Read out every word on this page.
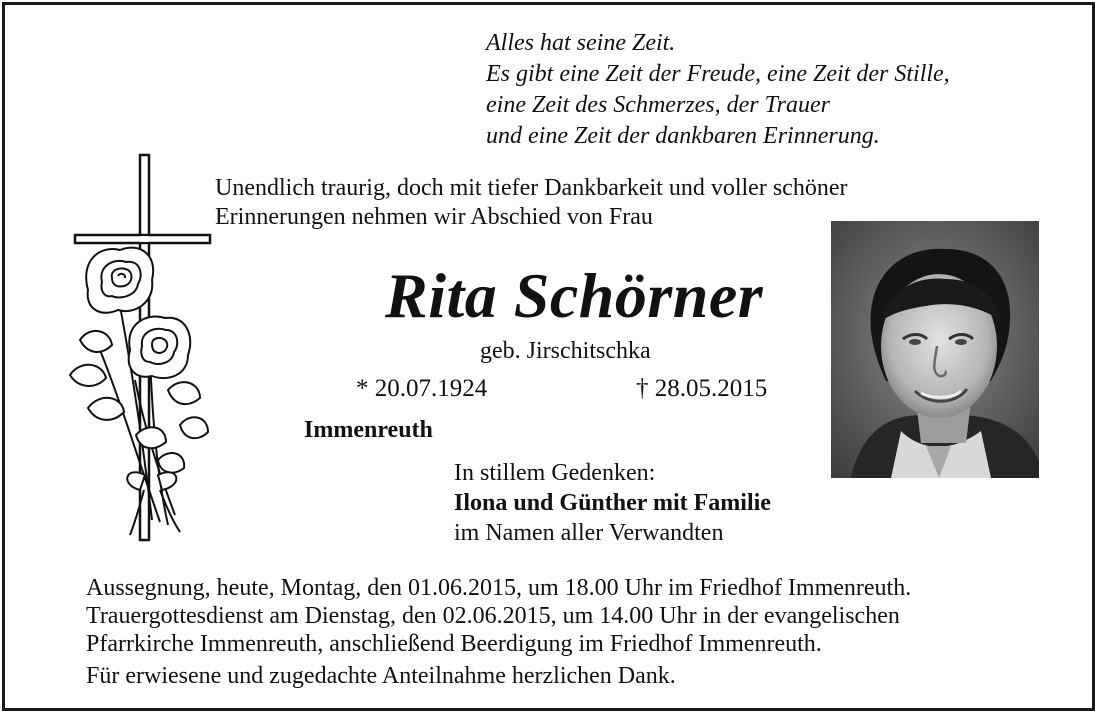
Alles hat seine Zeit.
Es gibt eine Zeit der Freude, eine Zeit der Stille,
eine Zeit des Schmerzes, der Trauer
und eine Zeit der dankbaren Erinnerung.
Unendlich traurig, doch mit tiefer Dankbarkeit und voller schöner
Erinnerungen nehmen wir Abschied von Frau
Rita Schörner
geb. Jirschitschka
* 20.07.1924	† 28.05.2015
Immenreuth
In stillem Gedenken:
Ilona und Günther mit Familie
im Namen aller Verwandten
Aussegnung, heute, Montag, den 01.06.2015, um 18.00 Uhr im Friedhof Immenreuth.
Trauergottesdienst am Dienstag, den 02.06.2015, um 14.00 Uhr in der evangelischen
Pfarrkirche Immenreuth, anschließend Beerdigung im Friedhof Immenreuth.
Für erwiesene und zugedachte Anteilnahme herzlichen Dank.
